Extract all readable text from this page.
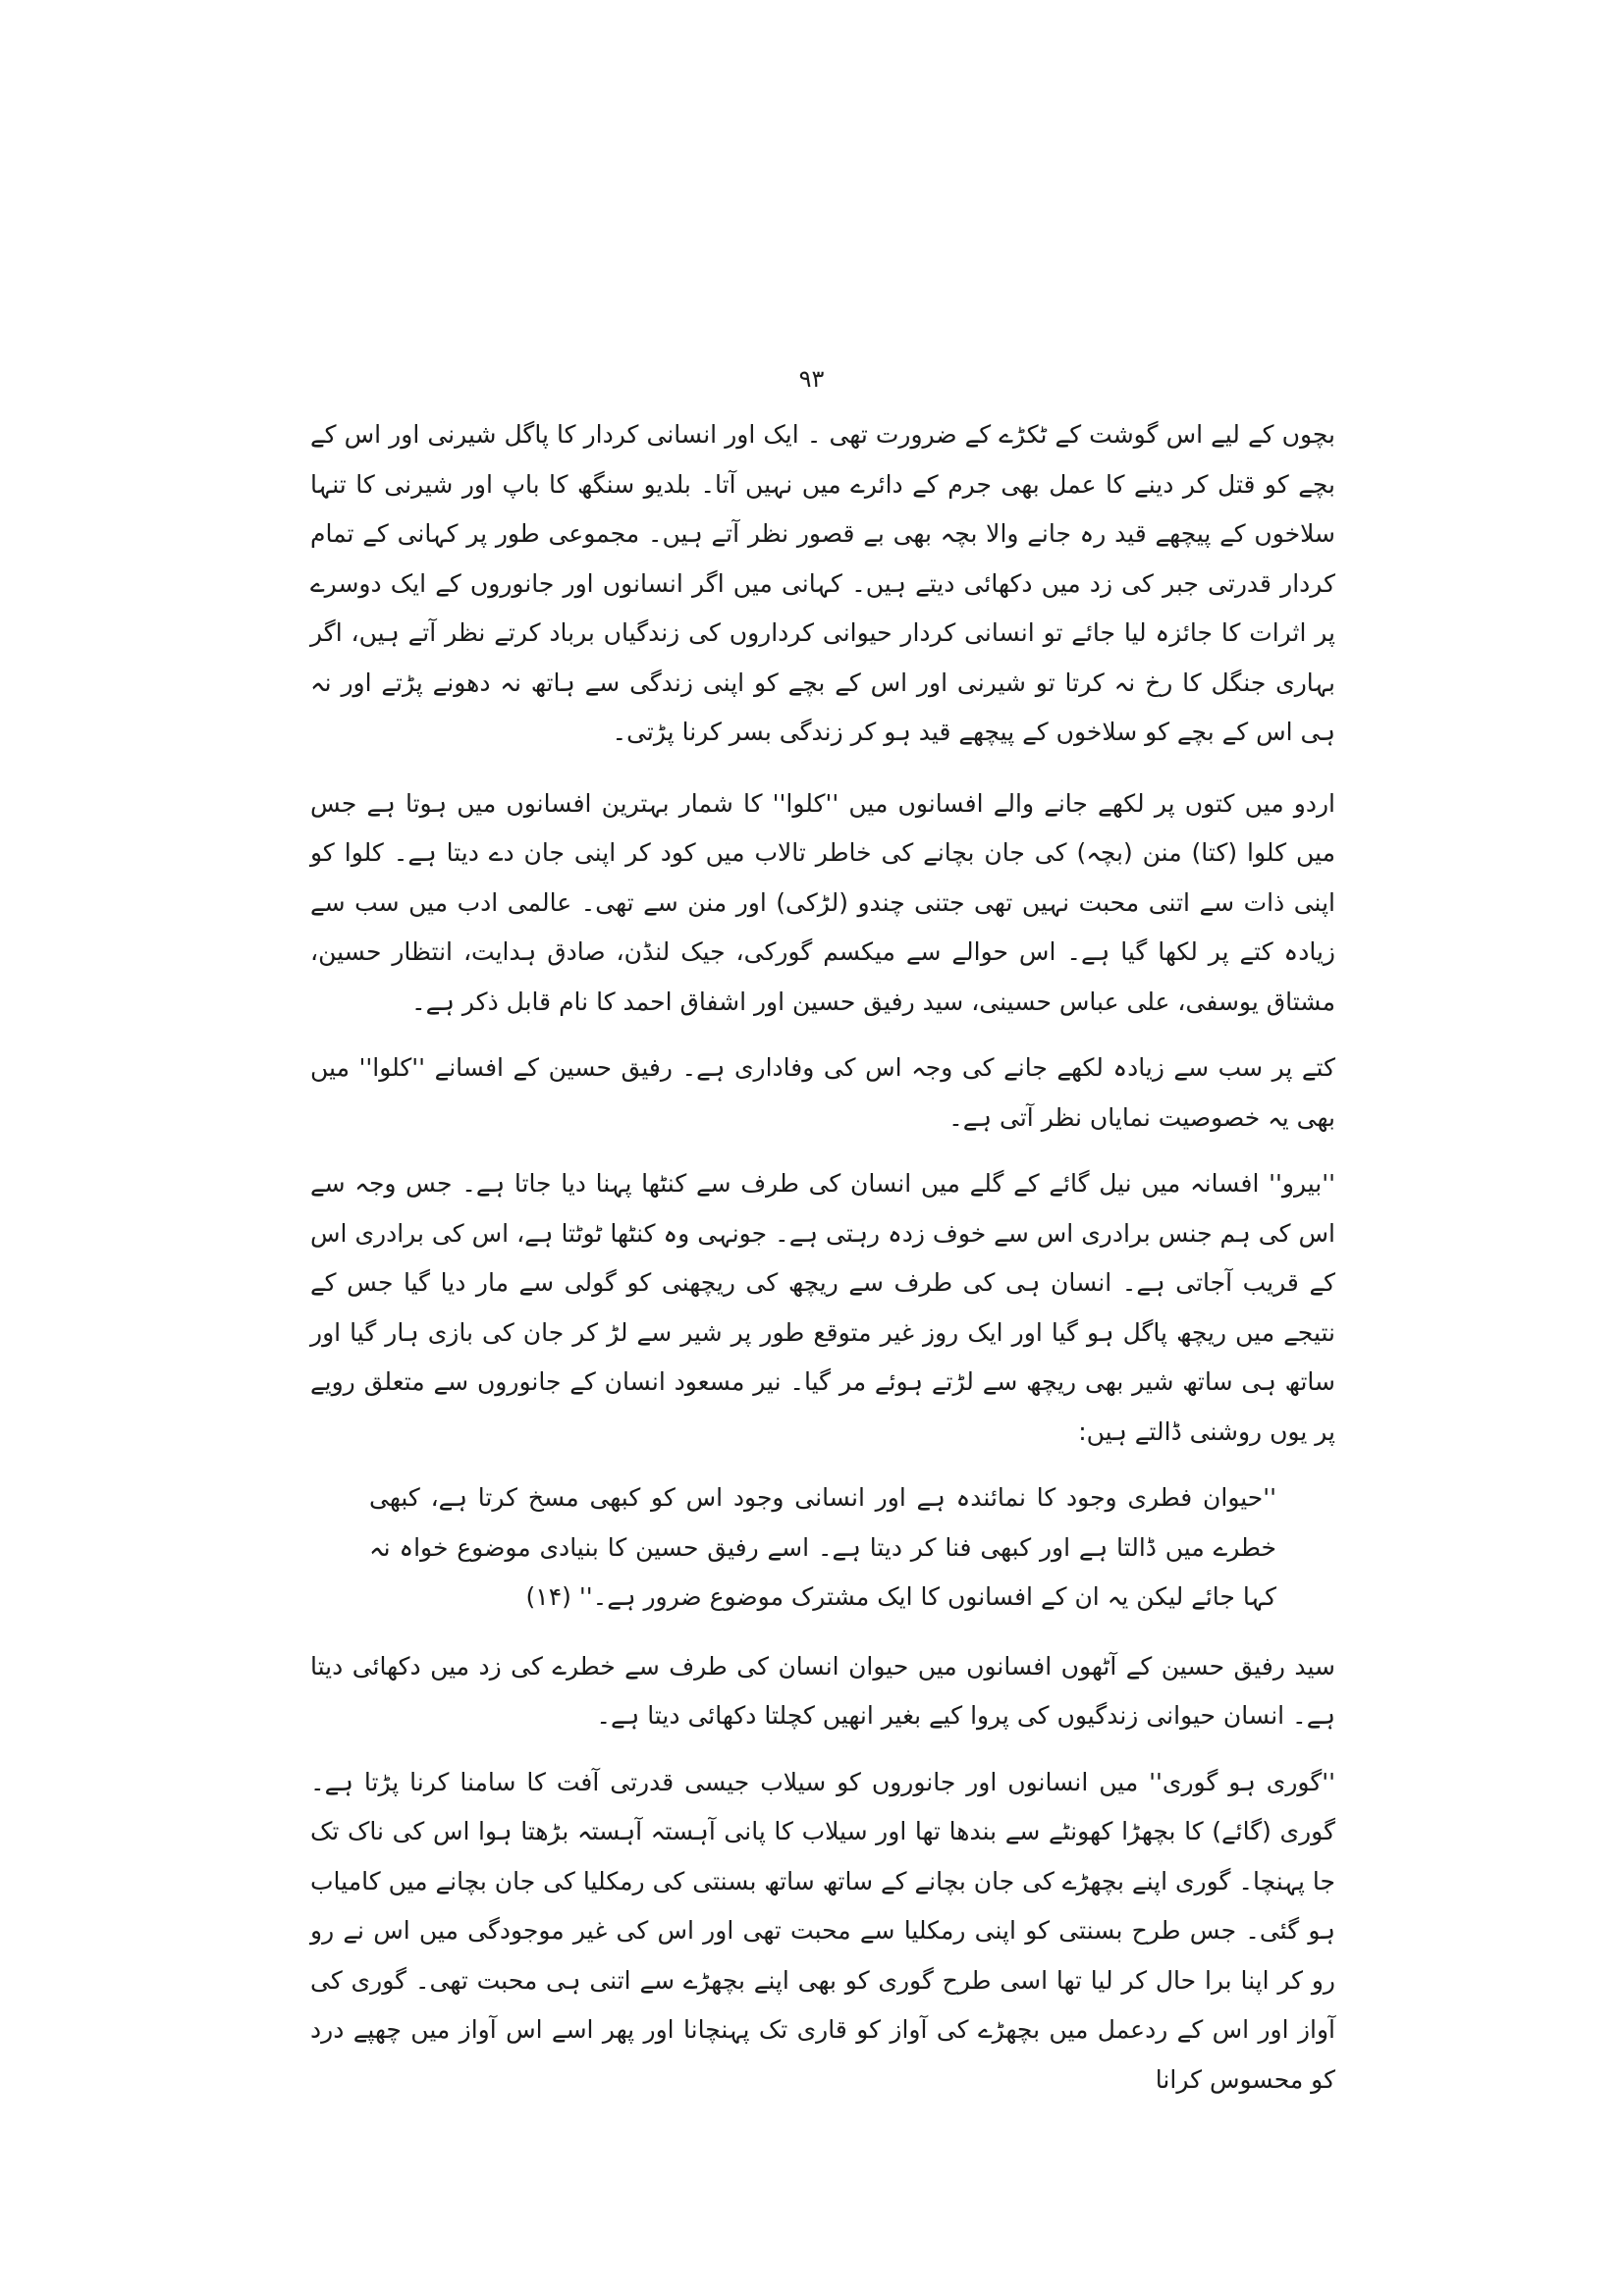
۹۳

بچوں کے لیے اس گوشت کے ٹکڑے کے ضرورت تھی ۔ ایک اور انسانی کردار کا پاگل شیرنی اور اس کے بچے کو قتل کر دینے کا عمل بھی جرم کے دائرے میں نہیں آتا۔ بلدیو سنگھ کا باپ اور شیرنی کا تنہا سلاخوں کے پیچھے قید رہ جانے والا بچہ بھی بے قصور نظر آتے ہیں۔ مجموعی طور پر کہانی کے تمام کردار قدرتی جبر کی زد میں دکھائی دیتے ہیں۔ کہانی میں اگر انسانوں اور جانوروں کے ایک دوسرے پر اثرات کا جائزہ لیا جائے تو انسانی کردار حیوانی کرداروں کی زندگیاں برباد کرتے نظر آتے ہیں، اگر بہاری جنگل کا رخ نہ کرتا تو شیرنی اور اس کے بچے کو اپنی زندگی سے ہاتھ نہ دھونے پڑتے اور نہ ہی اس کے بچے کو سلاخوں کے پیچھے قید ہو کر زندگی بسر کرنا پڑتی۔

اردو میں کتوں پر لکھے جانے والے افسانوں میں ''کلوا'' کا شمار بہترین افسانوں میں ہوتا ہے جس میں کلوا (کتا) منن (بچہ) کی جان بچانے کی خاطر تالاب میں کود کر اپنی جان دے دیتا ہے۔ کلوا کو اپنی ذات سے اتنی محبت نہیں تھی جتنی چندو (لڑکی) اور منن سے تھی۔ عالمی ادب میں سب سے زیادہ کتے پر لکھا گیا ہے۔ اس حوالے سے میکسم گورکی، جیک لنڈن، صادق ہدایت، انتظار حسین، مشتاق یوسفی، علی عباس حسینی، سید رفیق حسین اور اشفاق احمد کا نام قابل ذکر ہے۔

کتے پر سب سے زیادہ لکھے جانے کی وجہ اس کی وفاداری ہے۔ رفیق حسین کے افسانے ''کلوا'' میں بھی یہ خصوصیت نمایاں نظر آتی ہے۔

''بیرو'' افسانہ میں نیل گائے کے گلے میں انسان کی طرف سے کنٹھا پہنا دیا جاتا ہے۔ جس وجہ سے اس کی ہم جنس برادری اس سے خوف زدہ رہتی ہے۔ جونہی وہ کنٹھا ٹوٹتا ہے، اس کی برادری اس کے قریب آجاتی ہے۔ انسان ہی کی طرف سے ریچھ کی ریچھنی کو گولی سے مار دیا گیا جس کے نتیجے میں ریچھ پاگل ہو گیا اور ایک روز غیر متوقع طور پر شیر سے لڑ کر جان کی بازی ہار گیا اور ساتھ ہی ساتھ شیر بھی ریچھ سے لڑتے ہوئے مر گیا۔ نیر مسعود انسان کے جانوروں سے متعلق رویے پر یوں روشنی ڈالتے ہیں:

''حیوان فطری وجود کا نمائندہ ہے اور انسانی وجود اس کو کبھی مسخ کرتا ہے، کبھی خطرے میں ڈالتا ہے اور کبھی فنا کر دیتا ہے۔ اسے رفیق حسین کا بنیادی موضوع خواہ نہ کہا جائے لیکن یہ ان کے افسانوں کا ایک مشترک موضوع ضرور ہے۔'' (۱۴)

سید رفیق حسین کے آٹھوں افسانوں میں حیوان انسان کی طرف سے خطرے کی زد میں دکھائی دیتا ہے۔ انسان حیوانی زندگیوں کی پروا کیے بغیر انھیں کچلتا دکھائی دیتا ہے۔

''گوری ہو گوری'' میں انسانوں اور جانوروں کو سیلاب جیسی قدرتی آفت کا سامنا کرنا پڑتا ہے۔ گوری (گائے) کا بچھڑا کھونٹے سے بندھا تھا اور سیلاب کا پانی آہستہ آہستہ بڑھتا ہوا اس کی ناک تک جا پہنچا۔ گوری اپنے بچھڑے کی جان بچانے کے ساتھ ساتھ بسنتی کی رمکلیا کی جان بچانے میں کامیاب ہو گئی۔ جس طرح بسنتی کو اپنی رمکلیا سے محبت تھی اور اس کی غیر موجودگی میں اس نے رو رو کر اپنا برا حال کر لیا تھا اسی طرح گوری کو بھی اپنے بچھڑے سے اتنی ہی محبت تھی۔ گوری کی آواز اور اس کے ردعمل میں بچھڑے کی آواز کو قاری تک پہنچانا اور پھر اسے اس آواز میں چھپے درد کو محسوس کرانا
